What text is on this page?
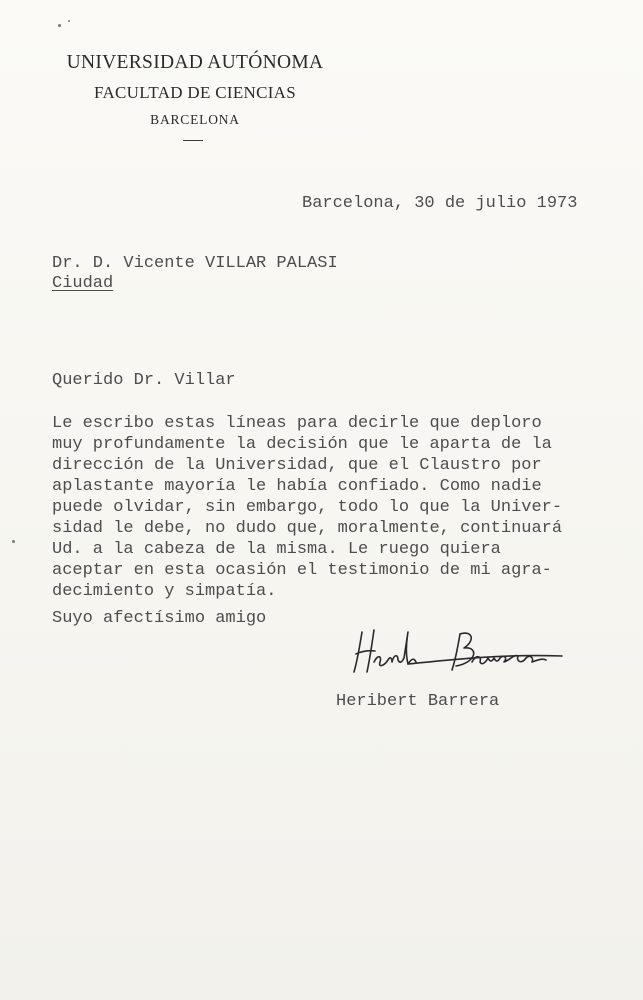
UNIVERSIDAD AUTÓNOMA
FACULTAD DE CIENCIAS
BARCELONA
Barcelona, 30 de julio 1973
Dr. D. Vicente VILLAR PALASI
Ciudad
Querido Dr. Villar
Le escribo estas líneas para decirle que deploro
muy profundamente la decisión que le aparta de la
dirección de la Universidad, que el Claustro por
aplastante mayoría le había confiado. Como nadie
puede olvidar, sin embargo, todo lo que la Univer-
sidad le debe, no dudo que, moralmente, continuará
Ud. a la cabeza de la misma. Le ruego quiera
aceptar en esta ocasión el testimonio de mi agra-
decimiento y simpatía.
Suyo afectísimo amigo
Heribert Barrera
